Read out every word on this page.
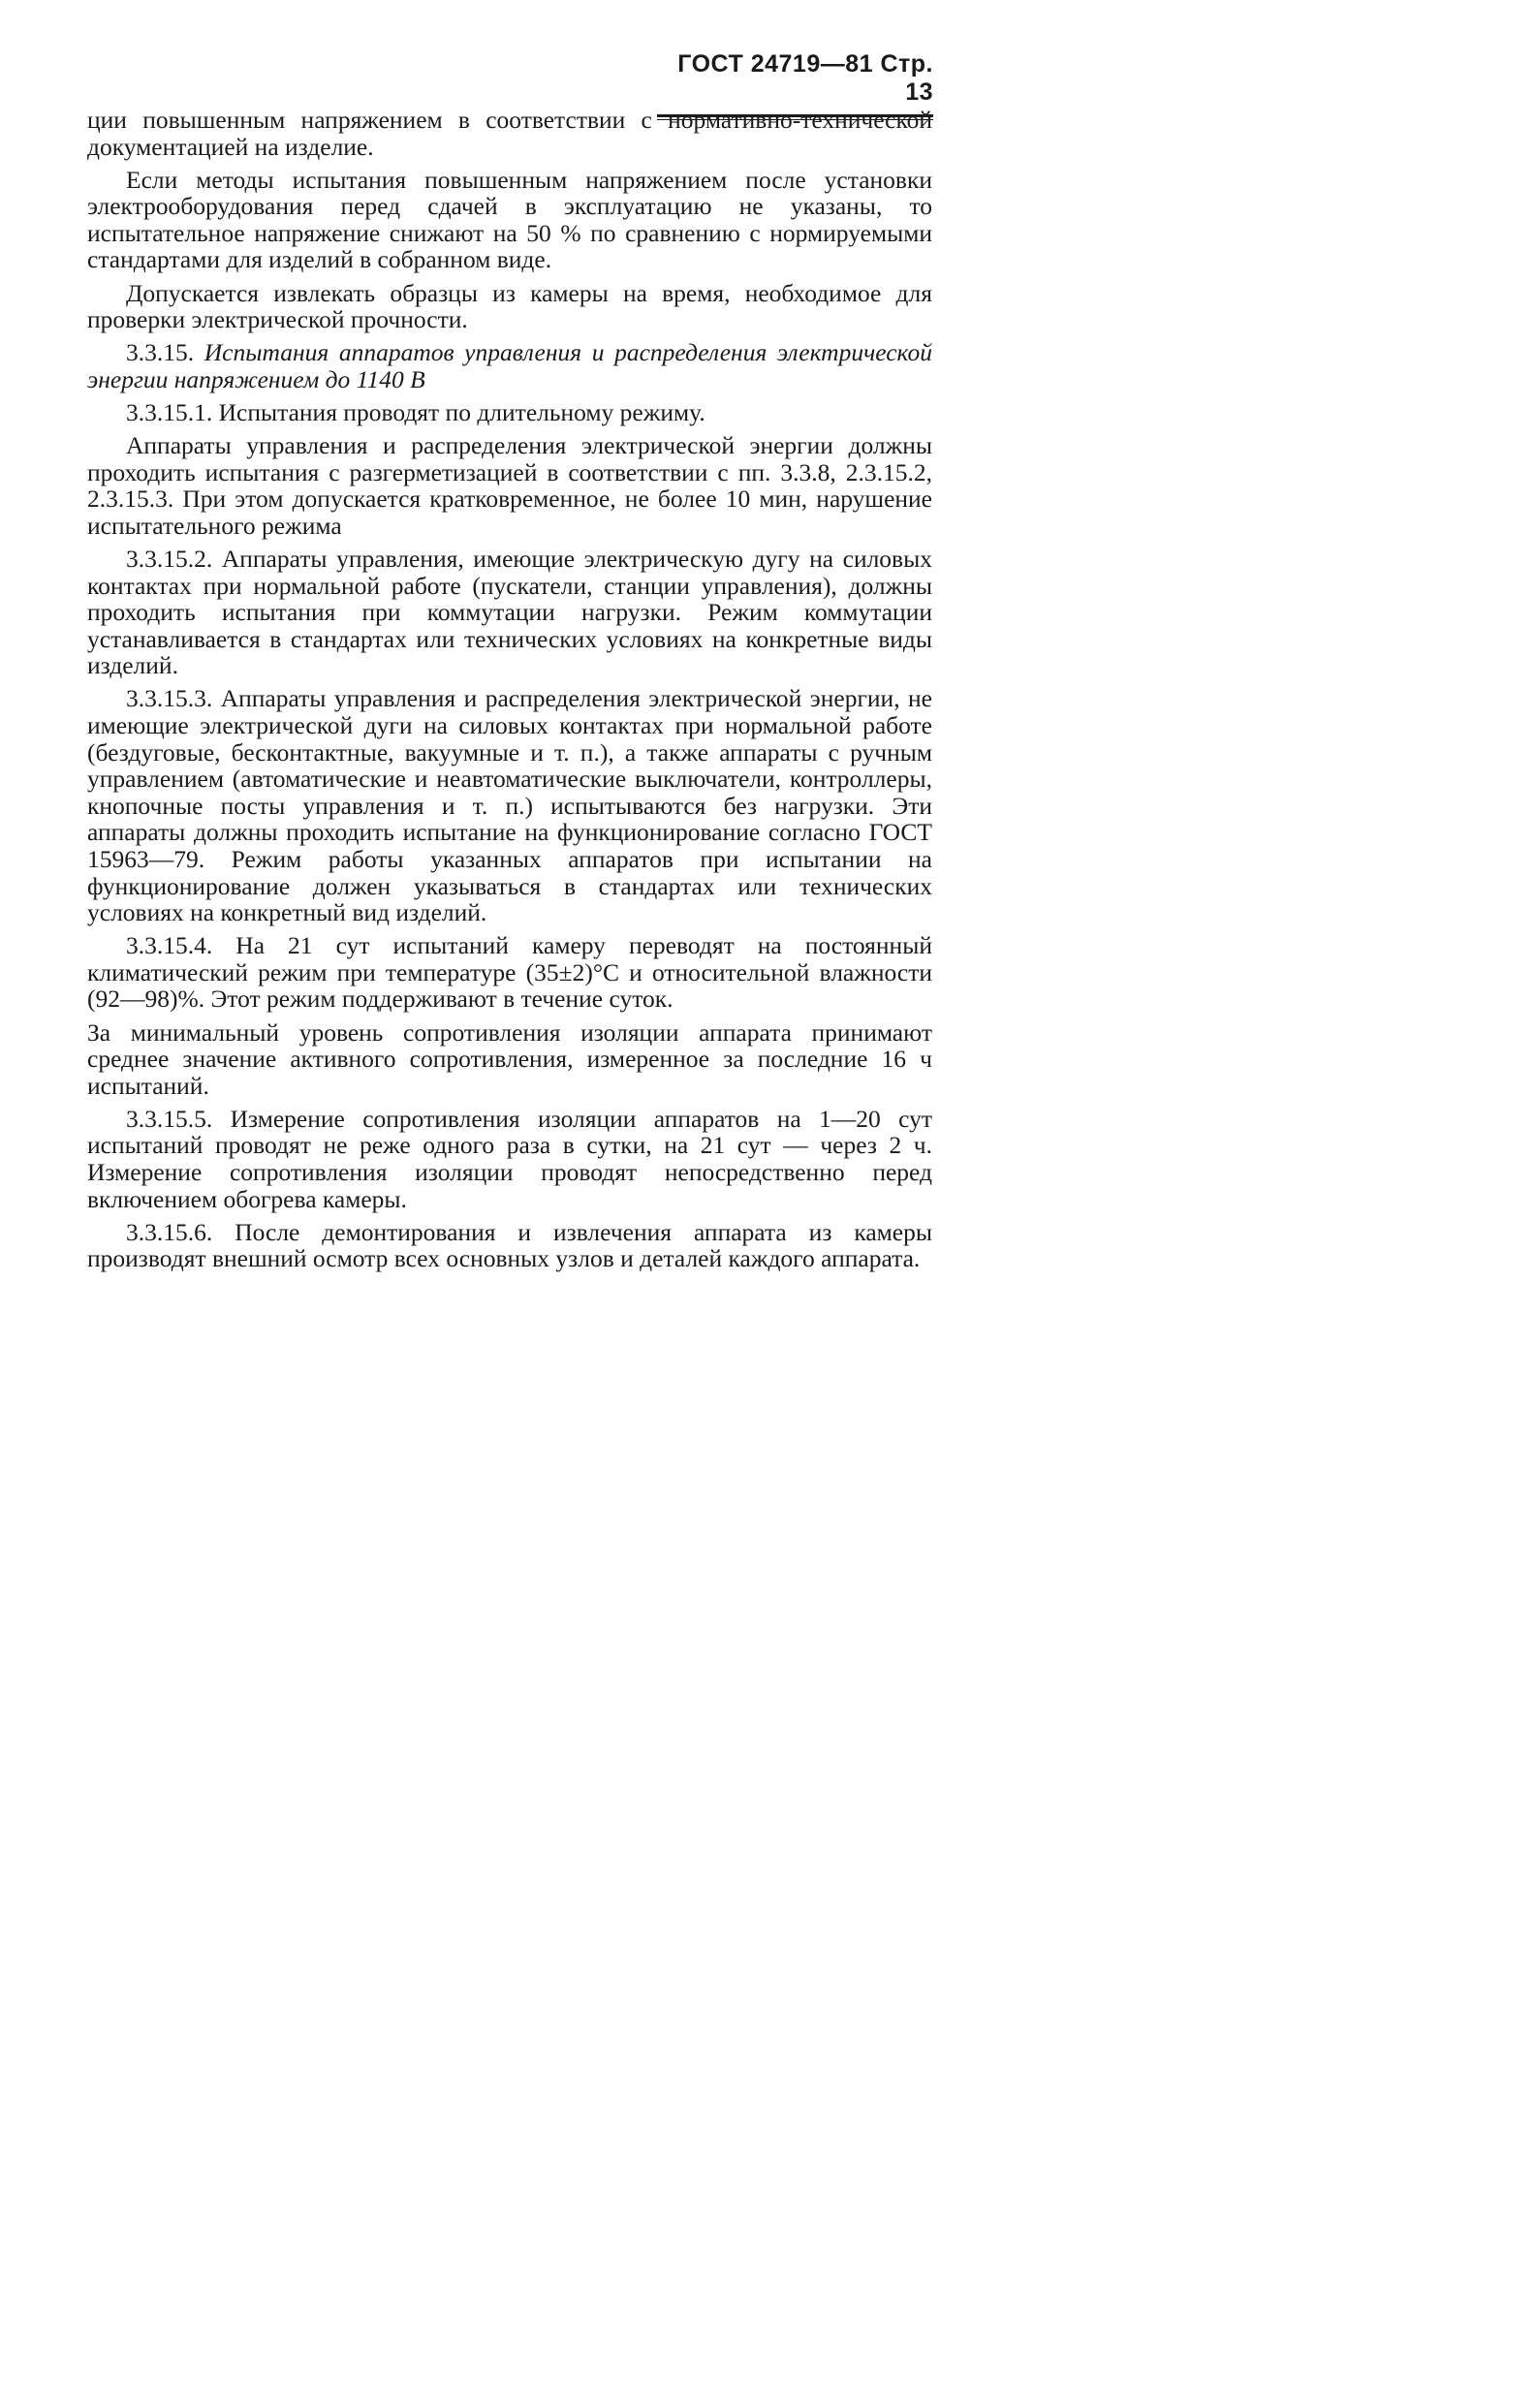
ГОСТ 24719—81 Стр. 13

ции повышенным напряжением в соответствии с нормативно-технической документацией на изделие.

Если методы испытания повышенным напряжением после установки электрооборудования перед сдачей в эксплуатацию не указаны, то испытательное напряжение снижают на 50 % по сравнению с нормируемыми стандартами для изделий в собранном виде.

Допускается извлекать образцы из камеры на время, необходимое для проверки электрической прочности.

3.3.15. Испытания аппаратов управления и распределения электрической энергии напряжением до 1140 В

3.3.15.1. Испытания проводят по длительному режиму.

Аппараты управления и распределения электрической энергии должны проходить испытания с разгерметизацией в соответствии с пп. 3.3.8, 2.3.15.2, 2.3.15.3. При этом допускается кратковременное, не более 10 мин, нарушение испытательного режима

3.3.15.2. Аппараты управления, имеющие электрическую дугу на силовых контактах при нормальной работе (пускатели, станции управления), должны проходить испытания при коммутации нагрузки. Режим коммутации устанавливается в стандартах или технических условиях на конкретные виды изделий.

3.3.15.3. Аппараты управления и распределения электрической энергии, не имеющие электрической дуги на силовых контактах при нормальной работе (бездуговые, бесконтактные, вакуумные и т. п.), а также аппараты с ручным управлением (автоматические и неавтоматические выключатели, контроллеры, кнопочные посты управления и т. п.) испытываются без нагрузки. Эти аппараты должны проходить испытание на функционирование согласно ГОСТ 15963—79. Режим работы указанных аппаратов при испытании на функционирование должен указываться в стандартах или технических условиях на конкретный вид изделий.

3.3.15.4. На 21 сут испытаний камеру переводят на постоянный климатический режим при температуре (35±2)°С и относительной влажности (92—98)%. Этот режим поддерживают в течение суток.

За минимальный уровень сопротивления изоляции аппарата принимают среднее значение активного сопротивления, измеренное за последние 16 ч испытаний.

3.3.15.5. Измерение сопротивления изоляции аппаратов на 1—20 сут испытаний проводят не реже одного раза в сутки, на 21 сут — через 2 ч. Измерение сопротивления изоляции проводят непосредственно перед включением обогрева камеры.

3.3.15.6. После демонтирования и извлечения аппарата из камеры производят внешний осмотр всех основных узлов и деталей каждого аппарата.
